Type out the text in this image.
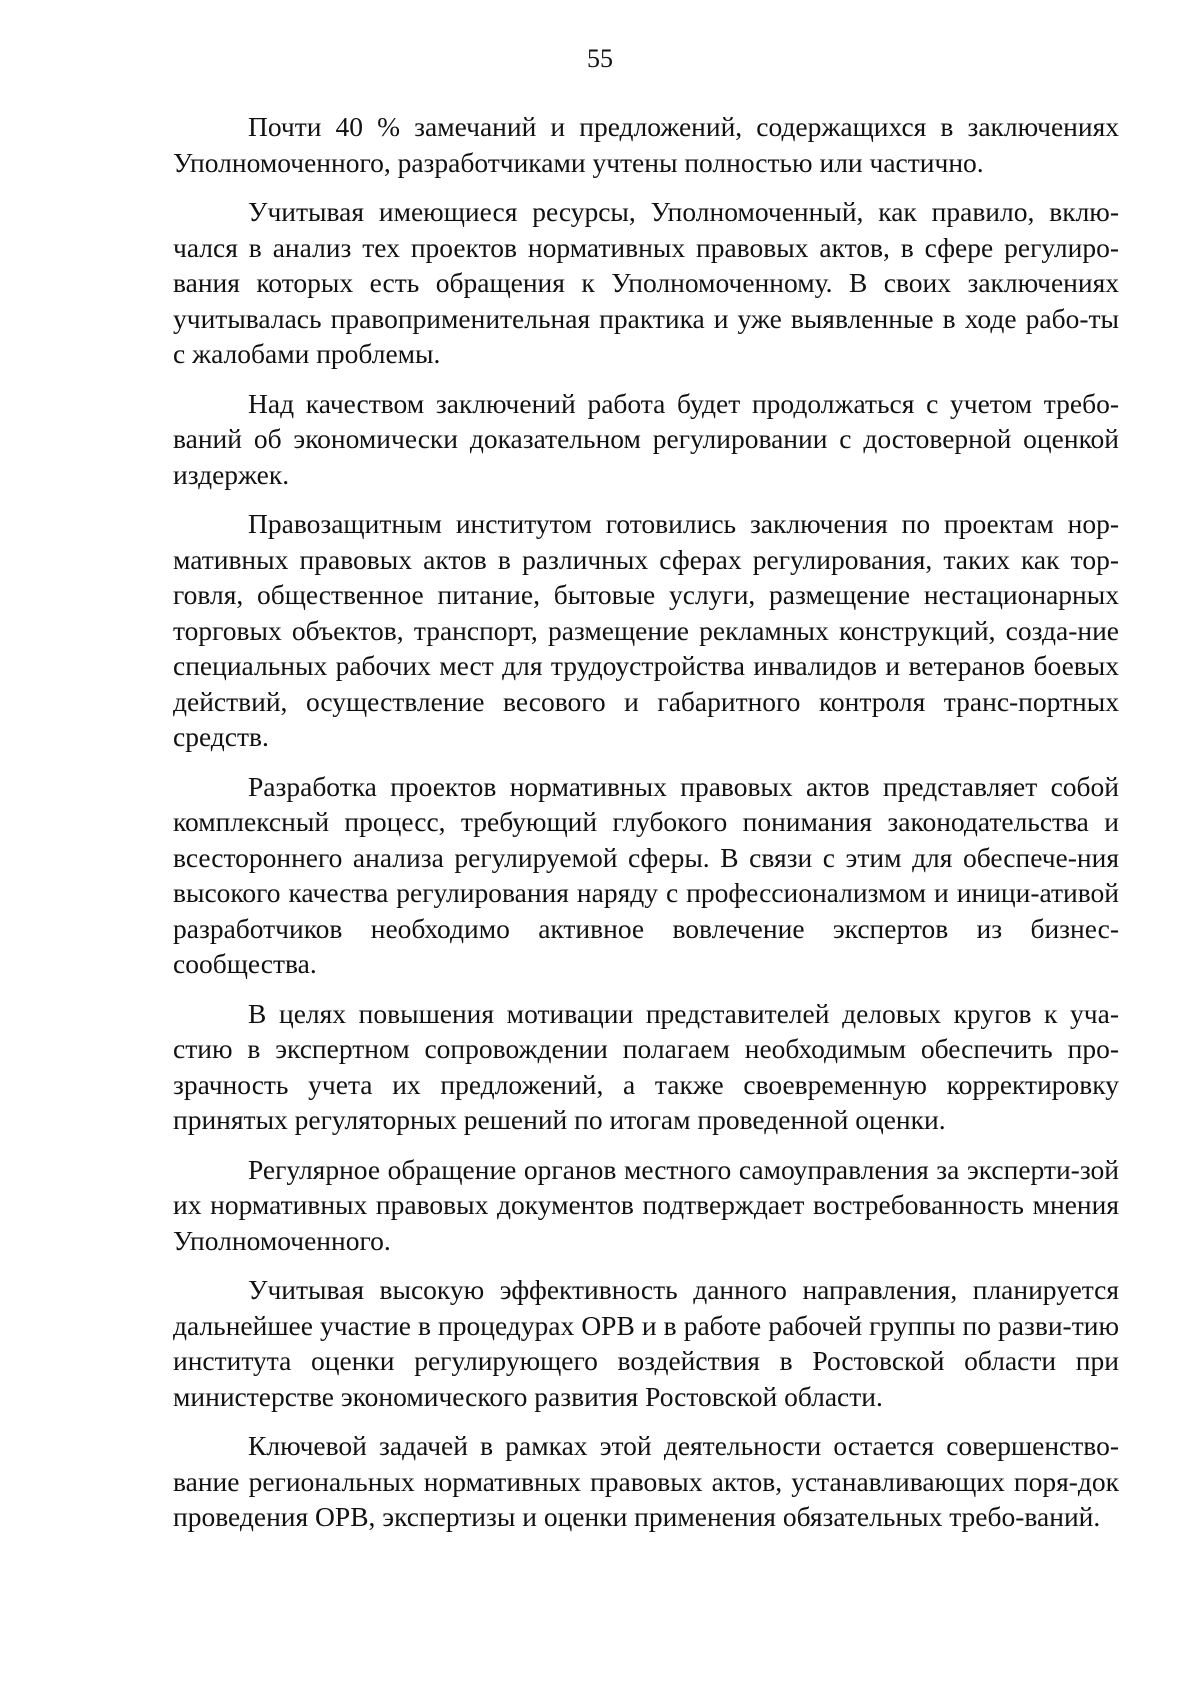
55

Почти 40 % замечаний и предложений, содержащихся в заключениях Уполномоченного, разработчиками учтены полностью или частично.

Учитывая имеющиеся ресурсы, Уполномоченный, как правило, вклю-чался в анализ тех проектов нормативных правовых актов, в сфере регулиро-вания которых есть обращения к Уполномоченному. В своих заключениях учитывалась правоприменительная практика и уже выявленные в ходе рабо-ты с жалобами проблемы.

Над качеством заключений работа будет продолжаться с учетом требо-ваний об экономически доказательном регулировании с достоверной оценкой издержек.

Правозащитным институтом готовились заключения по проектам нор-мативных правовых актов в различных сферах регулирования, таких как тор-говля, общественное питание, бытовые услуги, размещение нестационарных торговых объектов, транспорт, размещение рекламных конструкций, созда-ние специальных рабочих мест для трудоустройства инвалидов и ветеранов боевых действий, осуществление весового и габаритного контроля транс-портных средств.

Разработка проектов нормативных правовых актов представляет собой комплексный процесс, требующий глубокого понимания законодательства и всестороннего анализа регулируемой сферы. В связи с этим для обеспече-ния высокого качества регулирования наряду с профессионализмом и иници-ативой разработчиков необходимо активное вовлечение экспертов из бизнес-сообщества.

В целях повышения мотивации представителей деловых кругов к уча-стию в экспертном сопровождении полагаем необходимым обеспечить про-зрачность учета их предложений, а также своевременную корректировку принятых регуляторных решений по итогам проведенной оценки.

Регулярное обращение органов местного самоуправления за эксперти-зой их нормативных правовых документов подтверждает востребованность мнения Уполномоченного.

Учитывая высокую эффективность данного направления, планируется дальнейшее участие в процедурах ОРВ и в работе рабочей группы по разви-тию института оценки регулирующего воздействия в Ростовской области при министерстве экономического развития Ростовской области.

Ключевой задачей в рамках этой деятельности остается совершенство-вание региональных нормативных правовых актов, устанавливающих поря-док проведения ОРВ, экспертизы и оценки применения обязательных требо-ваний.
